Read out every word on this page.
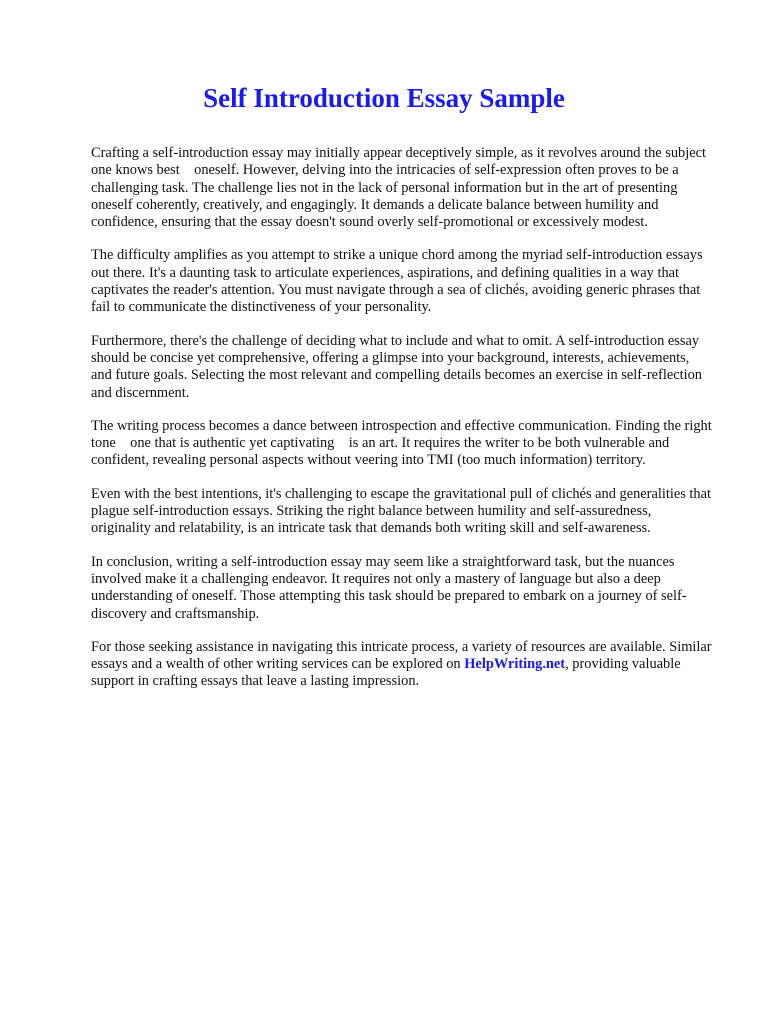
Self Introduction Essay Sample

Crafting a self-introduction essay may initially appear deceptively simple, as it revolves around the subject one knows best    oneself. However, delving into the intricacies of self-expression often proves to be a challenging task. The challenge lies not in the lack of personal information but in the art of presenting oneself coherently, creatively, and engagingly. It demands a delicate balance between humility and confidence, ensuring that the essay doesn't sound overly self-promotional or excessively modest.

The difficulty amplifies as you attempt to strike a unique chord among the myriad self-introduction essays out there. It's a daunting task to articulate experiences, aspirations, and defining qualities in a way that captivates the reader's attention. You must navigate through a sea of clichés, avoiding generic phrases that fail to communicate the distinctiveness of your personality.

Furthermore, there's the challenge of deciding what to include and what to omit. A self-introduction essay should be concise yet comprehensive, offering a glimpse into your background, interests, achievements, and future goals. Selecting the most relevant and compelling details becomes an exercise in self-reflection and discernment.

The writing process becomes a dance between introspection and effective communication. Finding the right tone    one that is authentic yet captivating    is an art. It requires the writer to be both vulnerable and confident, revealing personal aspects without veering into TMI (too much information) territory.

Even with the best intentions, it's challenging to escape the gravitational pull of clichés and generalities that plague self-introduction essays. Striking the right balance between humility and self-assuredness, originality and relatability, is an intricate task that demands both writing skill and self-awareness.

In conclusion, writing a self-introduction essay may seem like a straightforward task, but the nuances involved make it a challenging endeavor. It requires not only a mastery of language but also a deep understanding of oneself. Those attempting this task should be prepared to embark on a journey of self-discovery and craftsmanship.

For those seeking assistance in navigating this intricate process, a variety of resources are available. Similar essays and a wealth of other writing services can be explored on HelpWriting.net, providing valuable support in crafting essays that leave a lasting impression.
